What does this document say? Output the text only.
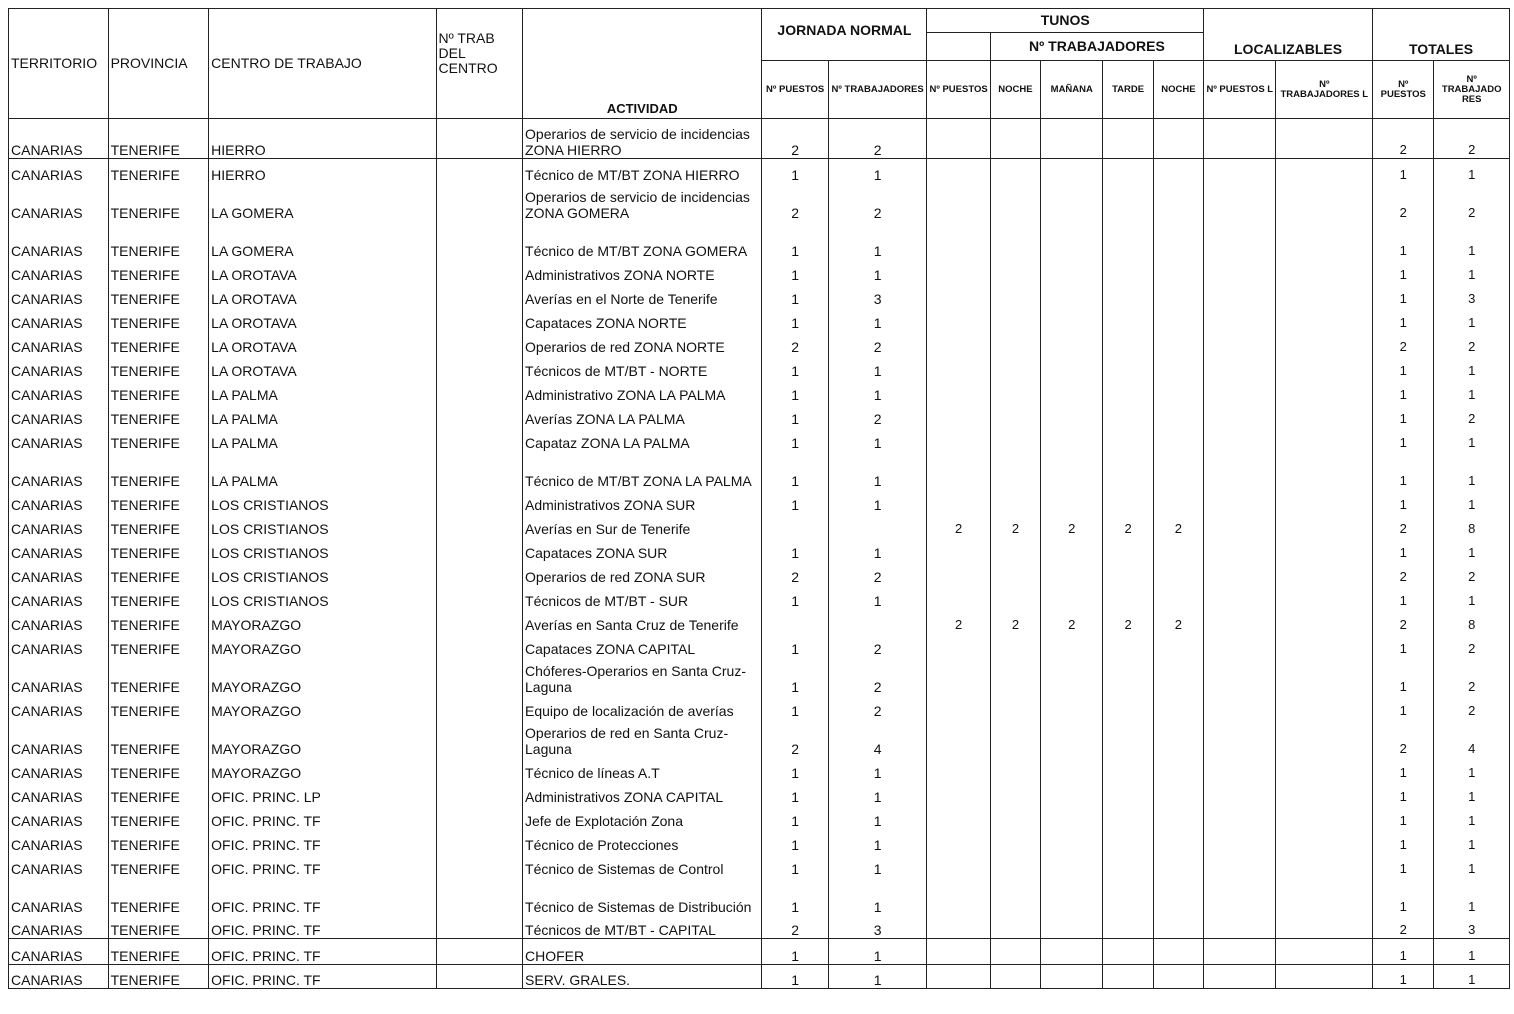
TERRITORIO	PROVINCIA	CENTRO DE TRABAJO	Nº TRAB DEL CENTRO	ACTIVIDAD	JORNADA NORMAL		TUNOS					LOCALIZABLES		TOTALES	
								Nº TRABAJADORES							
					Nº PUESTOS	Nº TRABAJADORES	Nº PUESTOS	NOCHE	MAÑANA	TARDE	NOCHE	Nº PUESTOS L	Nº TRABAJADORES L	Nº PUESTOS	Nº TRABAJADO RES
CANARIAS	TENERIFE	HIERRO		Operarios de servicio de incidencias ZONA HIERRO	2	2								2	2
CANARIAS	TENERIFE	HIERRO		Técnico de MT/BT ZONA HIERRO	1	1								1	1
CANARIAS	TENERIFE	LA GOMERA		Operarios de servicio de incidencias ZONA GOMERA	2	2								2	2
CANARIAS	TENERIFE	LA GOMERA		Técnico de MT/BT ZONA GOMERA	1	1								1	1
CANARIAS	TENERIFE	LA OROTAVA		Administrativos ZONA NORTE	1	1								1	1
CANARIAS	TENERIFE	LA OROTAVA		Averías en el Norte de Tenerife	1	3								1	3
CANARIAS	TENERIFE	LA OROTAVA		Capataces ZONA NORTE	1	1								1	1
CANARIAS	TENERIFE	LA OROTAVA		Operarios de red ZONA NORTE	2	2								2	2
CANARIAS	TENERIFE	LA OROTAVA		Técnicos de MT/BT - NORTE	1	1								1	1
CANARIAS	TENERIFE	LA PALMA		Administrativo ZONA LA PALMA	1	1								1	1
CANARIAS	TENERIFE	LA PALMA		Averías ZONA LA PALMA	1	2								1	2
CANARIAS	TENERIFE	LA PALMA		Capataz ZONA LA PALMA	1	1								1	1
CANARIAS	TENERIFE	LA PALMA		Técnico de MT/BT ZONA LA PALMA	1	1								1	1
CANARIAS	TENERIFE	LOS CRISTIANOS		Administrativos ZONA SUR	1	1								1	1
CANARIAS	TENERIFE	LOS CRISTIANOS		Averías en Sur de Tenerife			2	2	2	2	2			2	8
CANARIAS	TENERIFE	LOS CRISTIANOS		Capataces ZONA SUR	1	1								1	1
CANARIAS	TENERIFE	LOS CRISTIANOS		Operarios de red ZONA SUR	2	2								2	2
CANARIAS	TENERIFE	LOS CRISTIANOS		Técnicos de MT/BT - SUR	1	1								1	1
CANARIAS	TENERIFE	MAYORAZGO		Averías en Santa Cruz de Tenerife			2	2	2	2	2			2	8
CANARIAS	TENERIFE	MAYORAZGO		Capataces ZONA CAPITAL	1	2								1	2
CANARIAS	TENERIFE	MAYORAZGO		Chóferes-Operarios en Santa Cruz-Laguna	1	2								1	2
CANARIAS	TENERIFE	MAYORAZGO		Equipo de localización de averías	1	2								1	2
CANARIAS	TENERIFE	MAYORAZGO		Operarios de red en Santa Cruz-Laguna	2	4								2	4
CANARIAS	TENERIFE	MAYORAZGO		Técnico de líneas A.T	1	1								1	1
CANARIAS	TENERIFE	OFIC. PRINC. LP		Administrativos ZONA CAPITAL	1	1								1	1
CANARIAS	TENERIFE	OFIC. PRINC. TF		Jefe de Explotación Zona	1	1								1	1
CANARIAS	TENERIFE	OFIC. PRINC. TF		Técnico de Protecciones	1	1								1	1
CANARIAS	TENERIFE	OFIC. PRINC. TF		Técnico de Sistemas de Control	1	1								1	1
CANARIAS	TENERIFE	OFIC. PRINC. TF		Técnico de Sistemas de Distribución	1	1								1	1
CANARIAS	TENERIFE	OFIC. PRINC. TF		Técnicos de MT/BT - CAPITAL	2	3								2	3
CANARIAS	TENERIFE	OFIC. PRINC. TF		CHOFER	1	1								1	1
CANARIAS	TENERIFE	OFIC. PRINC. TF		SERV. GRALES.	1	1								1	1
